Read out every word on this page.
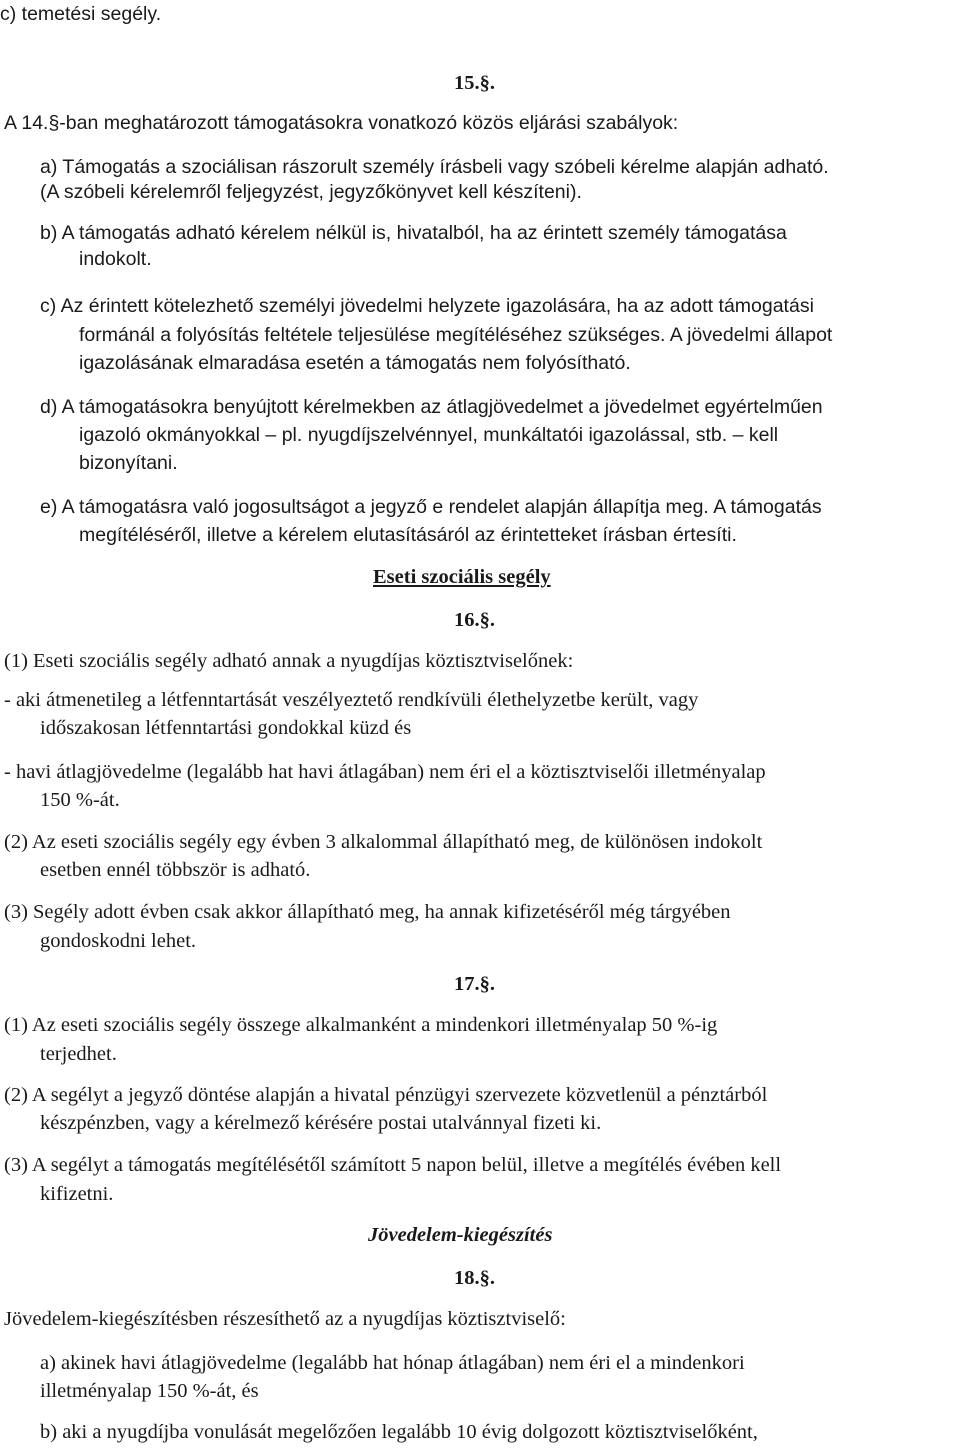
c) temetési segély.
15.§.
A 14.§-ban meghatározott támogatásokra vonatkozó közös eljárási szabályok:
a) Támogatás a szociálisan rászorult személy írásbeli vagy szóbeli kérelme alapján adható.
(A szóbeli kérelemről feljegyzést, jegyzőkönyvet kell készíteni).
b) A támogatás adható kérelem nélkül is, hivatalból, ha az érintett személy támogatása
indokolt.
c) Az érintett kötelezhető személyi jövedelmi helyzete igazolására, ha az adott támogatási
formánál a folyósítás feltétele teljesülése megítéléséhez szükséges. A jövedelmi állapot
igazolásának elmaradása esetén a támogatás nem folyósítható.
d) A támogatásokra benyújtott kérelmekben az átlagjövedelmet a jövedelmet egyértelműen
igazoló okmányokkal – pl. nyugdíjszelvénnyel, munkáltatói igazolással, stb. – kell
bizonyítani.
e) A támogatásra való jogosultságot a jegyző e rendelet alapján állapítja meg. A támogatás
megítéléséről, illetve a kérelem elutasításáról az érintetteket írásban értesíti.
Eseti szociális segély
16.§.
(1) Eseti szociális segély adható annak a nyugdíjas köztisztviselőnek:
- aki átmenetileg a létfenntartását veszélyeztető rendkívüli élethelyzetbe került, vagy
időszakosan létfenntartási gondokkal küzd és
- havi átlagjövedelme (legalább hat havi átlagában) nem éri el a köztisztviselői illetményalap
150 %-át.
(2) Az eseti szociális segély egy évben 3 alkalommal állapítható meg, de különösen indokolt
esetben ennél többször is adható.
(3) Segély adott évben csak akkor állapítható meg, ha annak kifizetéséről még tárgyében
gondoskodni lehet.
17.§.
(1) Az eseti szociális segély összege alkalmanként a mindenkori illetményalap 50 %-ig
terjedhet.
(2) A segélyt a jegyző döntése alapján a hivatal pénzügyi szervezete közvetlenül a pénztárból
készpénzben, vagy a kérelmező kérésére postai utalvánnyal fizeti ki.
(3) A segélyt a támogatás megítélésétől számított 5 napon belül, illetve a megítélés évében kell
kifizetni.
Jövedelem-kiegészítés
18.§.
Jövedelem-kiegészítésben részesíthető az a nyugdíjas köztisztviselő:
a) akinek havi átlagjövedelme (legalább hat hónap átlagában) nem éri el a mindenkori
illetményalap 150 %-át, és
b) aki a nyugdíjba vonulását megelőzően legalább 10 évig dolgozott köztisztviselőként,
